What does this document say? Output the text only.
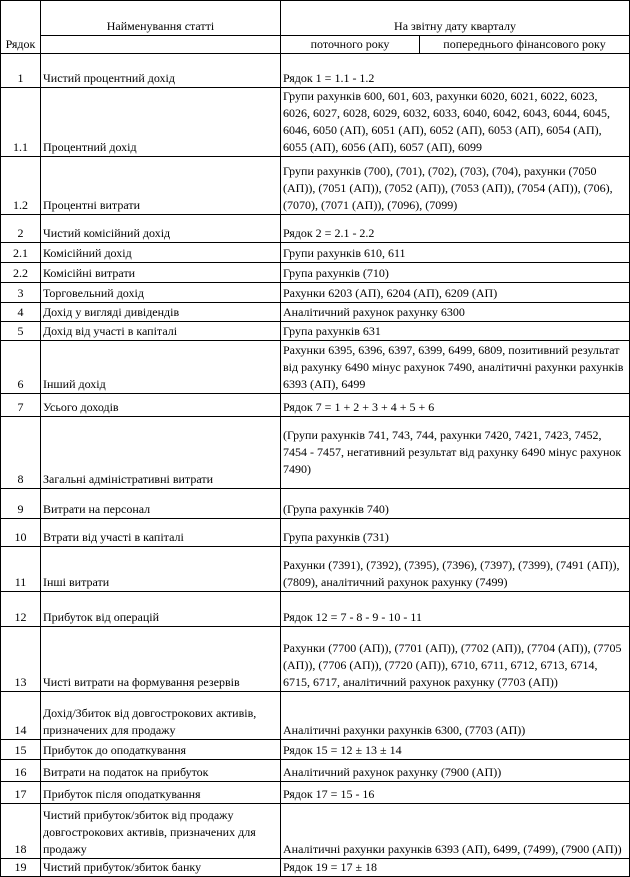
Рядок	Найменування статті	На звітну дату кварталу	
		поточного року	попереднього фінансового року
1	Чистий процентний дохід	Рядок 1 = 1.1 - 1.2	
1.1	Процентний дохід	Групи рахунків 600, 601, 603, рахунки 6020, 6021, 6022, 6023, 6026, 6027, 6028, 6029, 6032, 6033, 6040, 6042, 6043, 6044, 6045, 6046, 6050 (АП), 6051 (АП), 6052 (АП), 6053 (АП), 6054 (АП), 6055 (АП), 6056 (АП), 6057 (АП), 6099	
1.2	Процентні витрати	Групи рахунків (700), (701), (702), (703), (704), рахунки (7050 (АП)), (7051 (АП)), (7052 (АП)), (7053 (АП)), (7054 (АП)), (706), (7070), (7071 (АП)), (7096), (7099)	
2	Чистий комісійний дохід	Рядок 2 = 2.1 - 2.2	
2.1	Комісійний дохід	Групи рахунків 610, 611	
2.2	Комісійні витрати	Група рахунків (710)	
3	Торговельний дохід	Рахунки 6203 (АП), 6204 (АП), 6209 (АП)	
4	Дохід у вигляді дивідендів	Аналітичний рахунок рахунку 6300	
5	Дохід від участі в капіталі	Група рахунків 631	
6	Інший дохід	Рахунки 6395, 6396, 6397, 6399, 6499, 6809, позитивний результат від рахунку 6490 мінус рахунок 7490, аналітичні рахунки рахунків 6393 (АП), 6499	
7	Усього доходів	Рядок 7 = 1 + 2 + 3 + 4 + 5 + 6	
8	Загальні адміністративні витрати	(Групи рахунків 741, 743, 744, рахунки 7420, 7421, 7423, 7452, 7454 - 7457, негативний результат від рахунку 6490 мінус рахунок 7490)	
9	Витрати на персонал	(Група рахунків 740)	
10	Втрати від участі в капіталі	Група рахунків (731)	
11	Інші витрати	Рахунки (7391), (7392), (7395), (7396), (7397), (7399), (7491 (АП)), (7809), аналітичний рахунок рахунку (7499)	
12	Прибуток від операцій	Рядок 12 = 7 - 8 - 9 - 10 - 11	
13	Чисті витрати на формування резервів	Рахунки (7700 (АП)), (7701 (АП)), (7702 (АП)), (7704 (АП)), (7705 (АП)), (7706 (АП)), (7720 (АП)), 6710, 6711, 6712, 6713, 6714, 6715, 6717, аналітичний рахунок рахунку (7703 (АП))	
14	Дохід/Збиток від довгострокових активів, призначених для продажу	Аналітичні рахунки рахунків 6300, (7703 (АП))	
15	Прибуток до оподаткування	Рядок 15 = 12 ± 13 ± 14	
16	Витрати на податок на прибуток	Аналітичний рахунок рахунку (7900 (АП))	
17	Прибуток після оподаткування	Рядок 17 = 15 - 16	
18	Чистий прибуток/збиток від продажу довгострокових активів, призначених для продажу	Аналітичні рахунки рахунків 6393 (АП), 6499, (7499), (7900 (АП))	
19	Чистий прибуток/збиток банку	Рядок 19 = 17 ± 18	
